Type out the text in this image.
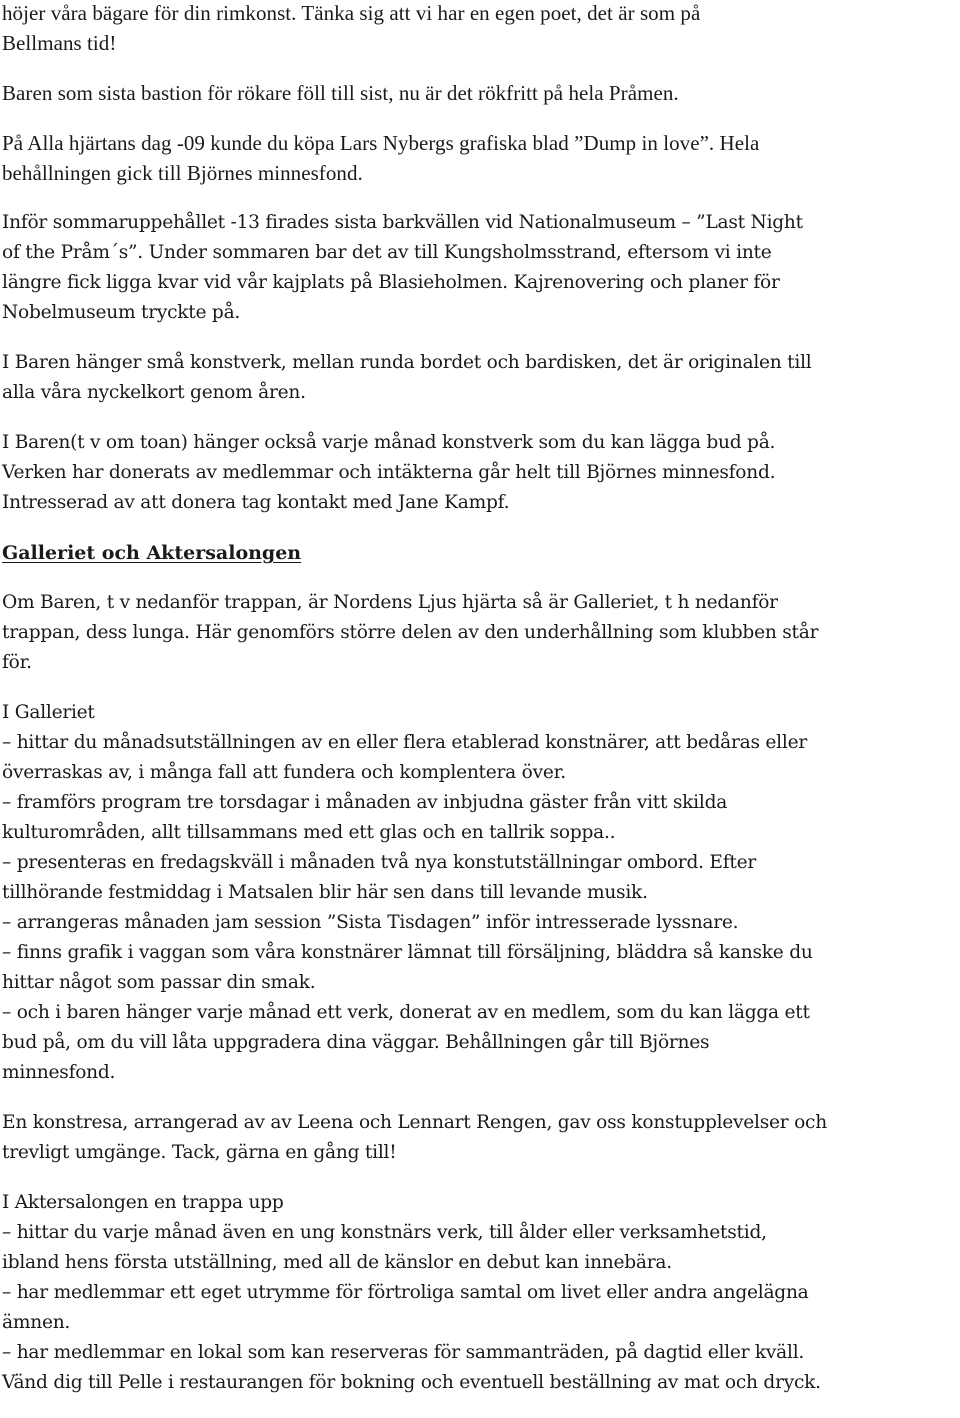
höjer våra bägare för din rimkonst. Tänka sig att vi har en egen poet, det är som på
Bellmans tid!
Baren som sista bastion för rökare föll till sist, nu är det rökfritt på hela Pråmen.
På Alla hjärtans dag -09 kunde du köpa Lars Nybergs grafiska blad ”Dump in love”. Hela
behållningen gick till Björnes minnesfond.
Inför sommaruppehållet -13 firades sista barkvällen vid Nationalmuseum – ”Last Night
of the Pråm´s”. Under sommaren bar det av till Kungsholmsstrand, eftersom vi inte
längre fick ligga kvar vid vår kajplats på Blasieholmen. Kajrenovering och planer för
Nobelmuseum tryckte på.
I Baren hänger små konstverk, mellan runda bordet och bardisken, det är originalen till
alla våra nyckelkort genom åren.
I Baren(t v om toan) hänger också varje månad konstverk som du kan lägga bud på.
Verken har donerats av medlemmar och intäkterna går helt till Björnes minnesfond.
Intresserad av att donera tag kontakt med Jane Kampf.
Galleriet och Aktersalongen
Om Baren, t v nedanför trappan, är Nordens Ljus hjärta så är Galleriet, t h nedanför
trappan, dess lunga. Här genomförs större delen av den underhållning som klubben står
för.
I Galleriet
– hittar du månadsutställningen av en eller flera etablerad konstnärer, att bedåras eller
överraskas av, i många fall att fundera och komplentera över.
– framförs program tre torsdagar i månaden av inbjudna gäster från vitt skilda
kulturområden, allt tillsammans med ett glas och en tallrik soppa..
– presenteras en fredagskväll i månaden två nya konstutställningar ombord. Efter
tillhörande festmiddag i Matsalen blir här sen dans till levande musik.
– arrangeras månaden jam session ”Sista Tisdagen” inför intresserade lyssnare.
– finns grafik i vaggan som våra konstnärer lämnat till försäljning, bläddra så kanske du
hittar något som passar din smak.
– och i baren hänger varje månad ett verk, donerat av en medlem, som du kan lägga ett
bud på, om du vill låta uppgradera dina väggar. Behållningen går till Björnes
minnesfond.
En konstresa, arrangerad av av Leena och Lennart Rengen, gav oss konstupplevelser och
trevligt umgänge. Tack, gärna en gång till!
I Aktersalongen en trappa upp
– hittar du varje månad även en ung konstnärs verk, till ålder eller verksamhetstid,
ibland hens första utställning, med all de känslor en debut kan innebära.
– har medlemmar ett eget utrymme för förtroliga samtal om livet eller andra angelägna
ämnen.
– har medlemmar en lokal som kan reserveras för sammanträden, på dagtid eller kväll.
Vänd dig till Pelle i restaurangen för bokning och eventuell beställning av mat och dryck.
